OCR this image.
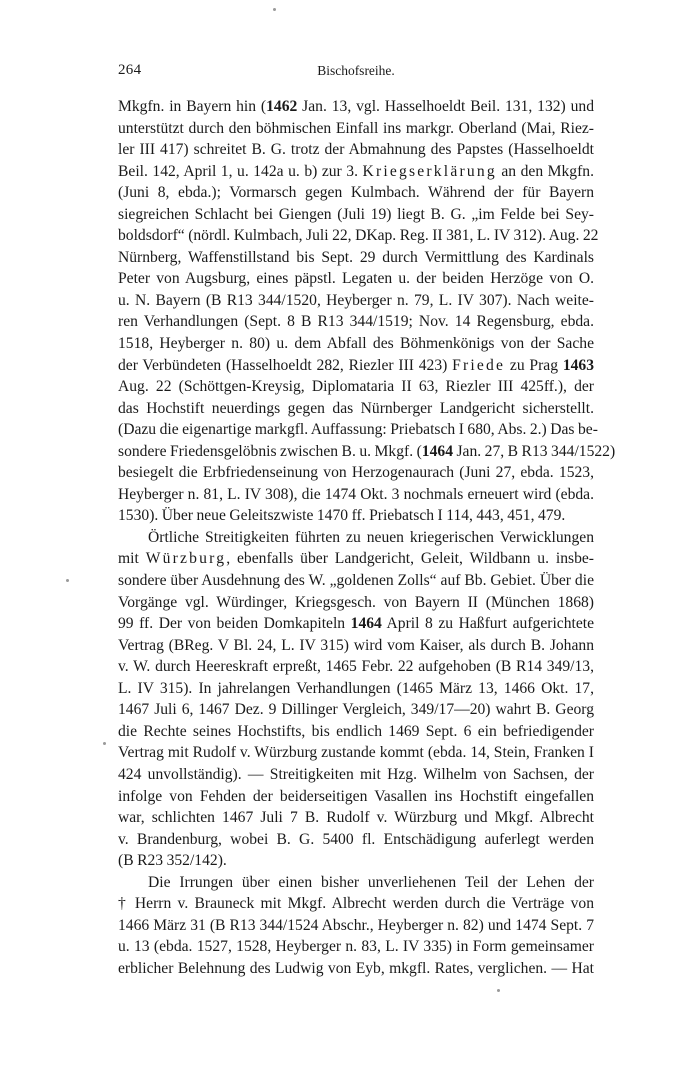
264	Bischofsreihe.
Mkgfn. in Bayern hin (1462 Jan. 13, vgl. Hasselhoeldt Beil. 131, 132) und
unterstützt durch den böhmischen Einfall ins markgr. Oberland (Mai, Riez-
ler III 417) schreitet B. G. trotz der Abmahnung des Papstes (Hasselhoeldt
Beil. 142, April 1, u. 142a u. b) zur 3. Kriegserklärung an den Mkgfn.
(Juni 8, ebda.); Vormarsch gegen Kulmbach. Während der für Bayern
siegreichen Schlacht bei Giengen (Juli 19) liegt B. G. „im Felde bei Sey-
boldsdorf“ (nördl. Kulmbach, Juli 22, DKap. Reg. II 381, L. IV 312). Aug. 22
Nürnberg, Waffenstillstand bis Sept. 29 durch Vermittlung des Kardinals
Peter von Augsburg, eines päpstl. Legaten u. der beiden Herzöge von O.
u. N. Bayern (B R13 344/1520, Heyberger n. 79, L. IV 307). Nach weite-
ren Verhandlungen (Sept. 8 B R13 344/1519; Nov. 14 Regensburg, ebda.
1518, Heyberger n. 80) u. dem Abfall des Böhmenkönigs von der Sache
der Verbündeten (Hasselhoeldt 282, Riezler III 423) Friede zu Prag 1463
Aug. 22 (Schöttgen-Kreysig, Diplomataria II 63, Riezler III 425ff.), der
das Hochstift neuerdings gegen das Nürnberger Landgericht sicherstellt.
(Dazu die eigenartige markgfl. Auffassung: Priebatsch I 680, Abs. 2.) Das be-
sondere Friedensgelöbnis zwischen B. u. Mkgf. (1464 Jan. 27, B R13 344/1522)
besiegelt die Erbfriedenseinung von Herzogenaurach (Juni 27, ebda. 1523,
Heyberger n. 81, L. IV 308), die 1474 Okt. 3 nochmals erneuert wird (ebda.
1530). Über neue Geleitszwiste 1470 ff. Priebatsch I 114, 443, 451, 479.
Örtliche Streitigkeiten führten zu neuen kriegerischen Verwicklungen
mit Würzburg, ebenfalls über Landgericht, Geleit, Wildbann u. insbe-
sondere über Ausdehnung des W. „goldenen Zolls“ auf Bb. Gebiet. Über die
Vorgänge vgl. Würdinger, Kriegsgesch. von Bayern II (München 1868)
99 ff. Der von beiden Domkapiteln 1464 April 8 zu Haßfurt aufgerichtete
Vertrag (BReg. V Bl. 24, L. IV 315) wird vom Kaiser, als durch B. Johann
v. W. durch Heereskraft erpreßt, 1465 Febr. 22 aufgehoben (B R14 349/13,
L. IV 315). In jahrelangen Verhandlungen (1465 März 13, 1466 Okt. 17,
1467 Juli 6, 1467 Dez. 9 Dillinger Vergleich, 349/17—20) wahrt B. Georg
die Rechte seines Hochstifts, bis endlich 1469 Sept. 6 ein befriedigender
Vertrag mit Rudolf v. Würzburg zustande kommt (ebda. 14, Stein, Franken I
424 unvollständig). — Streitigkeiten mit Hzg. Wilhelm von Sachsen, der
infolge von Fehden der beiderseitigen Vasallen ins Hochstift eingefallen
war, schlichten 1467 Juli 7 B. Rudolf v. Würzburg und Mkgf. Albrecht
v. Brandenburg, wobei B. G. 5400 fl. Entschädigung auferlegt werden
(B R23 352/142).
Die Irrungen über einen bisher unverliehenen Teil der Lehen der
† Herrn v. Brauneck mit Mkgf. Albrecht werden durch die Verträge von
1466 März 31 (B R13 344/1524 Abschr., Heyberger n. 82) und 1474 Sept. 7
u. 13 (ebda. 1527, 1528, Heyberger n. 83, L. IV 335) in Form gemeinsamer
erblicher Belehnung des Ludwig von Eyb, mkgfl. Rates, verglichen. — Hat
